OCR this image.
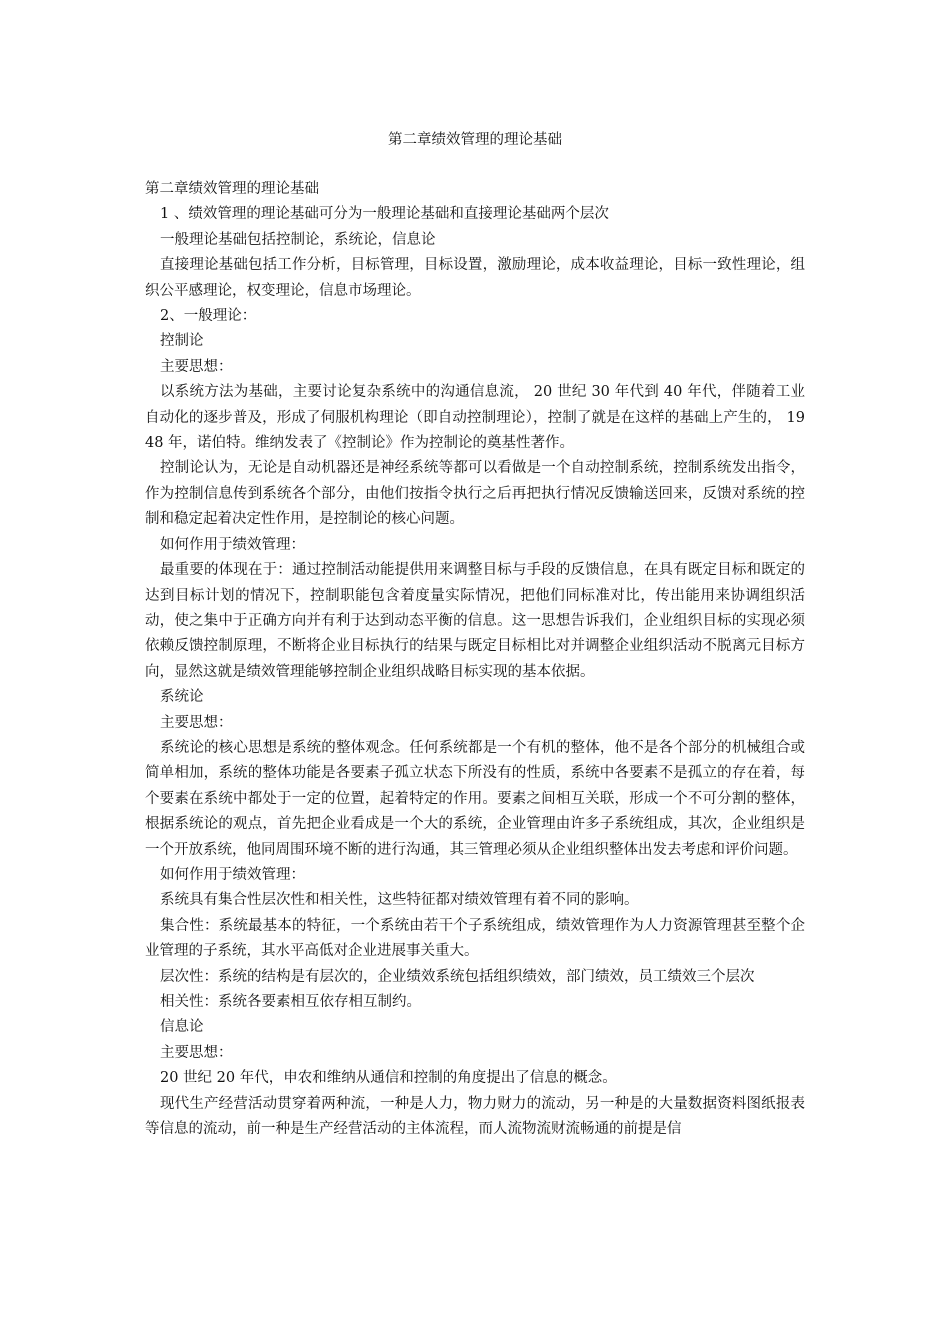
第二章绩效管理的理论基础

第二章绩效管理的理论基础

1 、绩效管理的理论基础可分为一般理论基础和直接理论基础两个层次

一般理论基础包括控制论，系统论，信息论

直接理论基础包括工作分析，目标管理，目标设置，激励理论，成本收益理论，目标一致性理论，组织公平感理论，权变理论，信息市场理论。

2、一般理论：

控制论

主要思想：

以系统方法为基础，主要讨论复杂系统中的沟通信息流， 20 世纪 30 年代到 40 年代，伴随着工业自动化的逐步普及，形成了伺服机构理论（即自动控制理论），控制了就是在这样的基础上产生的， 1948 年，诺伯特。维纳发表了《控制论》作为控制论的奠基性著作。

控制论认为，无论是自动机器还是神经系统等都可以看做是一个自动控制系统，控制系统发出指令，作为控制信息传到系统各个部分，由他们按指令执行之后再把执行情况反馈输送回来，反馈对系统的控制和稳定起着决定性作用，是控制论的核心问题。

如何作用于绩效管理：

最重要的体现在于：通过控制活动能提供用来调整目标与手段的反馈信息，在具有既定目标和既定的达到目标计划的情况下，控制职能包含着度量实际情况，把他们同标准对比，传出能用来协调组织活动，使之集中于正确方向并有利于达到动态平衡的信息。这一思想告诉我们，企业组织目标的实现必须依赖反馈控制原理，不断将企业目标执行的结果与既定目标相比对并调整企业组织活动不脱离元目标方向，显然这就是绩效管理能够控制企业组织战略目标实现的基本依据。

系统论

主要思想：

系统论的核心思想是系统的整体观念。任何系统都是一个有机的整体，他不是各个部分的机械组合或简单相加，系统的整体功能是各要素子孤立状态下所没有的性质，系统中各要素不是孤立的存在着，每个要素在系统中都处于一定的位置，起着特定的作用。要素之间相互关联，形成一个不可分割的整体，根据系统论的观点，首先把企业看成是一个大的系统，企业管理由许多子系统组成，其次，企业组织是一个开放系统，他同周围环境不断的进行沟通，其三管理必须从企业组织整体出发去考虑和评价问题。

如何作用于绩效管理：

系统具有集合性层次性和相关性，这些特征都对绩效管理有着不同的影响。

集合性：系统最基本的特征，一个系统由若干个子系统组成，绩效管理作为人力资源管理甚至整个企业管理的子系统，其水平高低对企业进展事关重大。

层次性：系统的结构是有层次的，企业绩效系统包括组织绩效，部门绩效，员工绩效三个层次

相关性：系统各要素相互依存相互制约。

信息论

主要思想：

20 世纪 20 年代，申农和维纳从通信和控制的角度提出了信息的概念。

现代生产经营活动贯穿着两种流，一种是人力，物力财力的流动，另一种是的大量数据资料图纸报表等信息的流动，前一种是生产经营活动的主体流程，而人流物流财流畅通的前提是信
